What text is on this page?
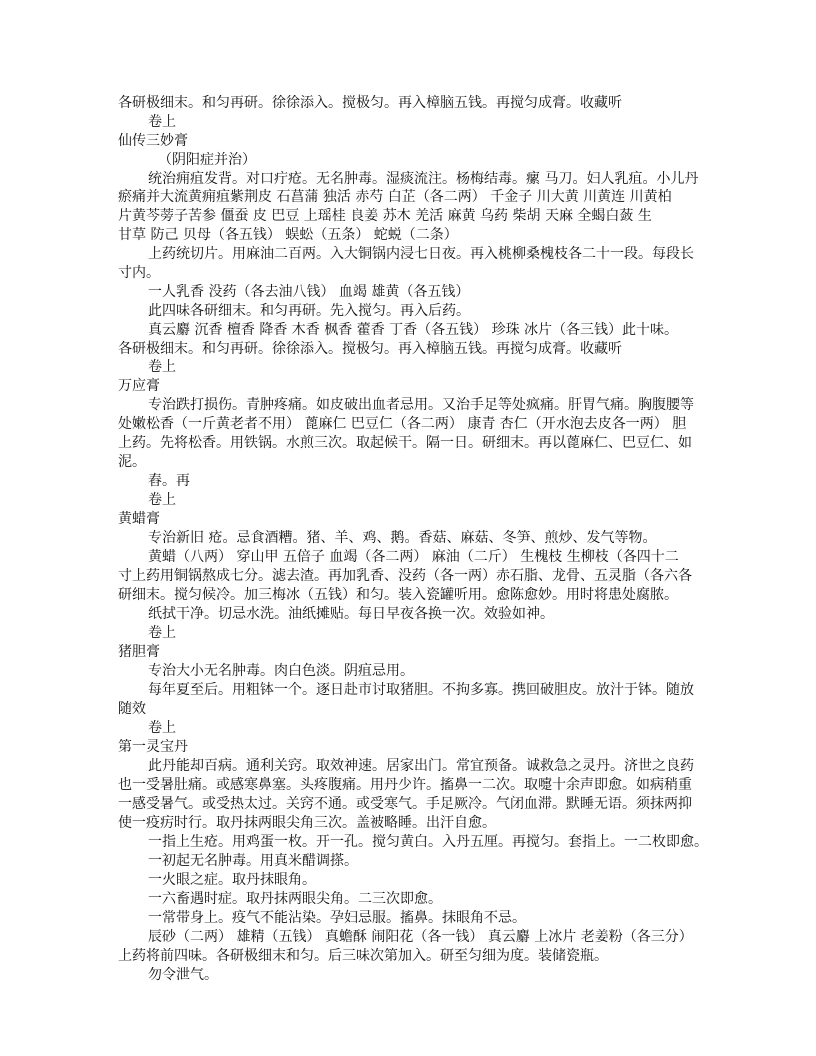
各研极细末。和匀再研。徐徐添入。搅极匀。再入樟脑五钱。再搅匀成膏。收藏听

卷上

仙传三妙膏

（阴阳症并治）

统治痈疽发背。对口疔疮。无名肿毒。湿痰流注。杨梅结毒。瘰 马刀。妇人乳疽。小儿丹

瘀痛并大流黄痈疽紫荆皮 石菖蒲 独活 赤芍 白芷（各二两） 千金子 川大黄 川黄连 川黄柏

片黄芩蒡子苦参 僵蚕 皮 巴豆 上瑶桂 良姜 苏木 羌活 麻黄 乌药 柴胡 天麻 全蝎白蔹 生

甘草 防己 贝母（各五钱） 蜈蚣（五条） 蛇蜕（二条）

上药统切片。用麻油二百两。入大铜锅内浸七日夜。再入桃柳桑槐枝各二十一段。每段长

寸内。

一人乳香 没药（各去油八钱） 血竭 雄黄（各五钱）

此四味各研细末。和匀再研。先入搅匀。再入后药。

真云麝 沉香 檀香 降香 木香 枫香 藿香 丁香（各五钱） 珍珠 冰片（各三钱）此十味。

各研极细末。和匀再研。徐徐添入。搅极匀。再入樟脑五钱。再搅匀成膏。收藏听

卷上

万应膏

专治跌打损伤。青肿疼痛。如皮破出血者忌用。又治手足等处疯痛。肝胃气痛。胸腹腰等

处嫩松香（一斤黄老者不用） 蓖麻仁 巴豆仁（各二两） 康青 杏仁（开水泡去皮各一两） 胆

上药。先将松香。用铁锅。水煎三次。取起候干。隔一日。研细末。再以蓖麻仁、巴豆仁、如

泥。

舂。再

卷上

黄蜡膏

专治新旧 疮。忌食酒糟。猪、羊、鸡、鹅。香菇、麻菇、冬笋、煎炒、发气等物。

黄蜡（八两） 穿山甲 五倍子 血竭（各二两） 麻油（二斤） 生槐枝 生柳枝（各四十二

寸上药用铜锅熬成七分。滤去渣。再加乳香、没药（各一两）赤石脂、龙骨、五灵脂（各六各

研细末。搅匀候冷。加三梅冰（五钱）和匀。装入瓷罐听用。愈陈愈妙。用时将患处腐脓。

纸拭干净。切忌水洗。油纸摊贴。每日早夜各换一次。效验如神。

卷上

猪胆膏

专治大小无名肿毒。肉白色淡。阴疽忌用。

每年夏至后。用粗钵一个。逐日赴市讨取猪胆。不拘多寡。携回破胆皮。放汁于钵。随放

随效

卷上

第一灵宝丹

此丹能却百病。通利关窍。取效神速。居家出门。常宜预备。诚救急之灵丹。济世之良药

也一受暑肚痛。或感寒鼻塞。头疼腹痛。用丹少许。搐鼻一二次。取嚏十余声即愈。如病稍重

一感受暑气。或受热太过。关窍不通。或受寒气。手足厥冷。气闭血滞。默睡无语。须抹两抑

使一疫疠时行。取丹抹两眼尖角三次。盖被略睡。出汗自愈。

一指上生疮。用鸡蛋一枚。开一孔。搅匀黄白。入丹五厘。再搅匀。套指上。一二枚即愈。

一初起无名肿毒。用真米醋调搽。

一火眼之症。取丹抹眼角。

一六畜遇时症。取丹抹两眼尖角。二三次即愈。

一常带身上。疫气不能沾染。孕妇忌服。搐鼻。抹眼角不忌。

辰砂（二两） 雄精（五钱） 真蟾酥 闹阳花（各一钱） 真云麝 上冰片 老姜粉（各三分）

上药将前四味。各研极细末和匀。后三味次第加入。研至匀细为度。装储瓷瓶。

勿令泄气。
